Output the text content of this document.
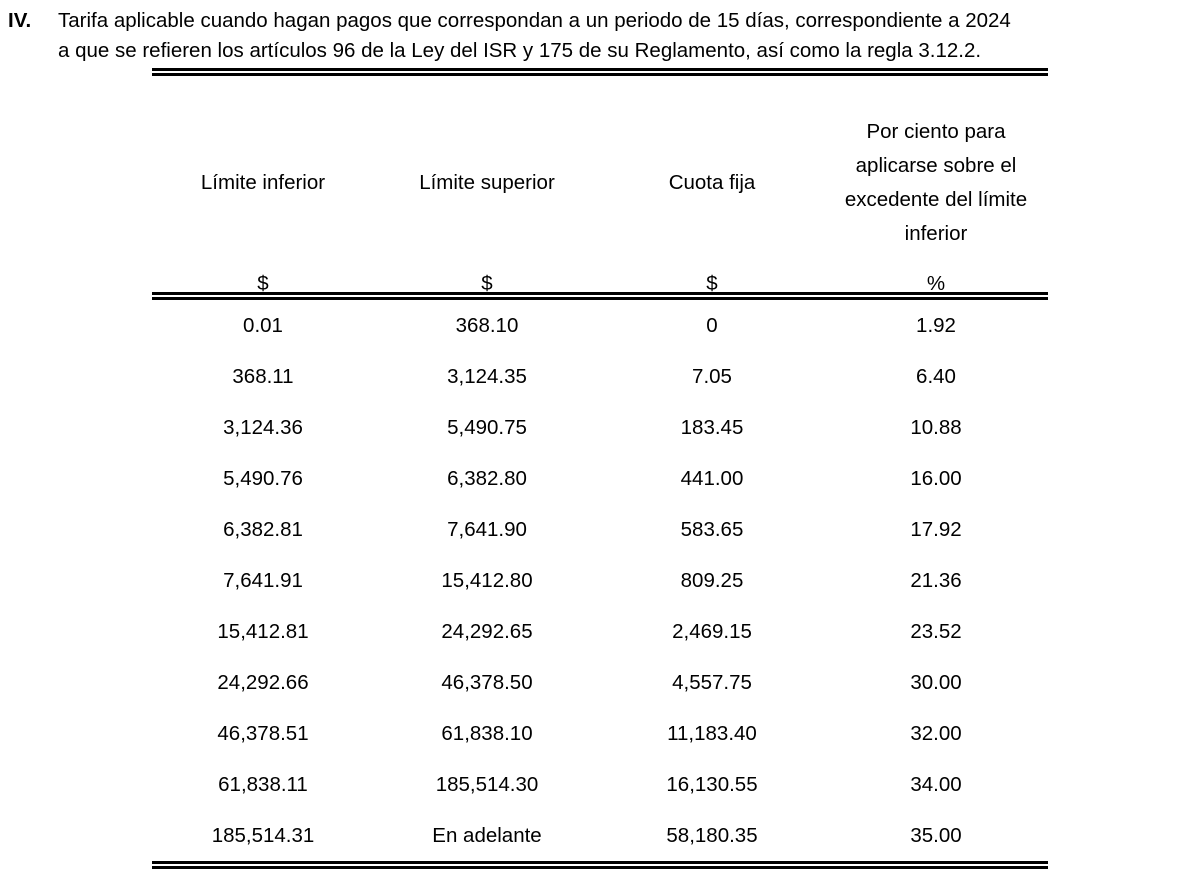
IV.	Tarifa aplicable cuando hagan pagos que correspondan a un periodo de 15 días, correspondiente a 2024
a que se refieren los artículos 96 de la Ley del ISR y 175 de su Reglamento, así como la regla 3.12.2.
Límite inferior	Límite superior	Cuota fija
Por ciento para
aplicarse sobre el
excedente del límite
inferior
$	$	$	%
0.01	368.10	0	1.92
368.11	3,124.35	7.05	6.40
3,124.36	5,490.75	183.45	10.88
5,490.76	6,382.80	441.00	16.00
6,382.81	7,641.90	583.65	17.92
7,641.91	15,412.80	809.25	21.36
15,412.81	24,292.65	2,469.15	23.52
24,292.66	46,378.50	4,557.75	30.00
46,378.51	61,838.10	11,183.40	32.00
61,838.11	185,514.30	16,130.55	34.00
185,514.31	En adelante	58,180.35	35.00
